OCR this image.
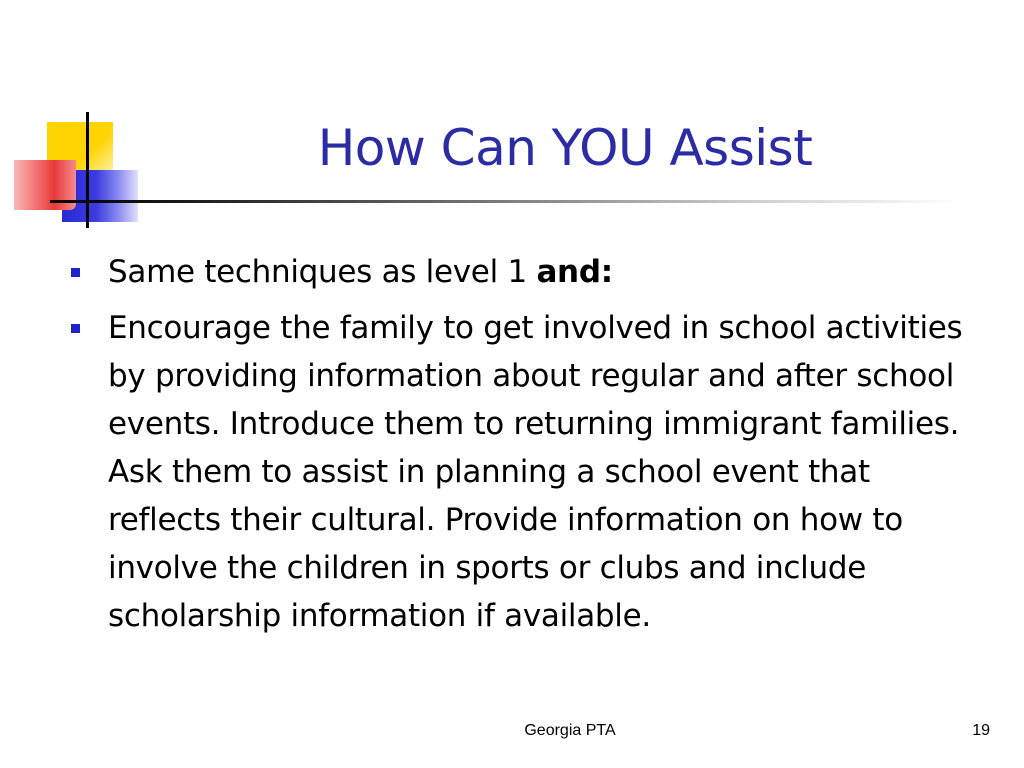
How Can YOU Assist
Same techniques as level 1 and:
Encourage the family to get involved in school activities by providing information about regular and after school events. Introduce them to returning immigrant families. Ask them to assist in planning a school event that reflects their cultural. Provide information on how to involve the children in sports or clubs and include scholarship information if available.
Georgia PTA	19
